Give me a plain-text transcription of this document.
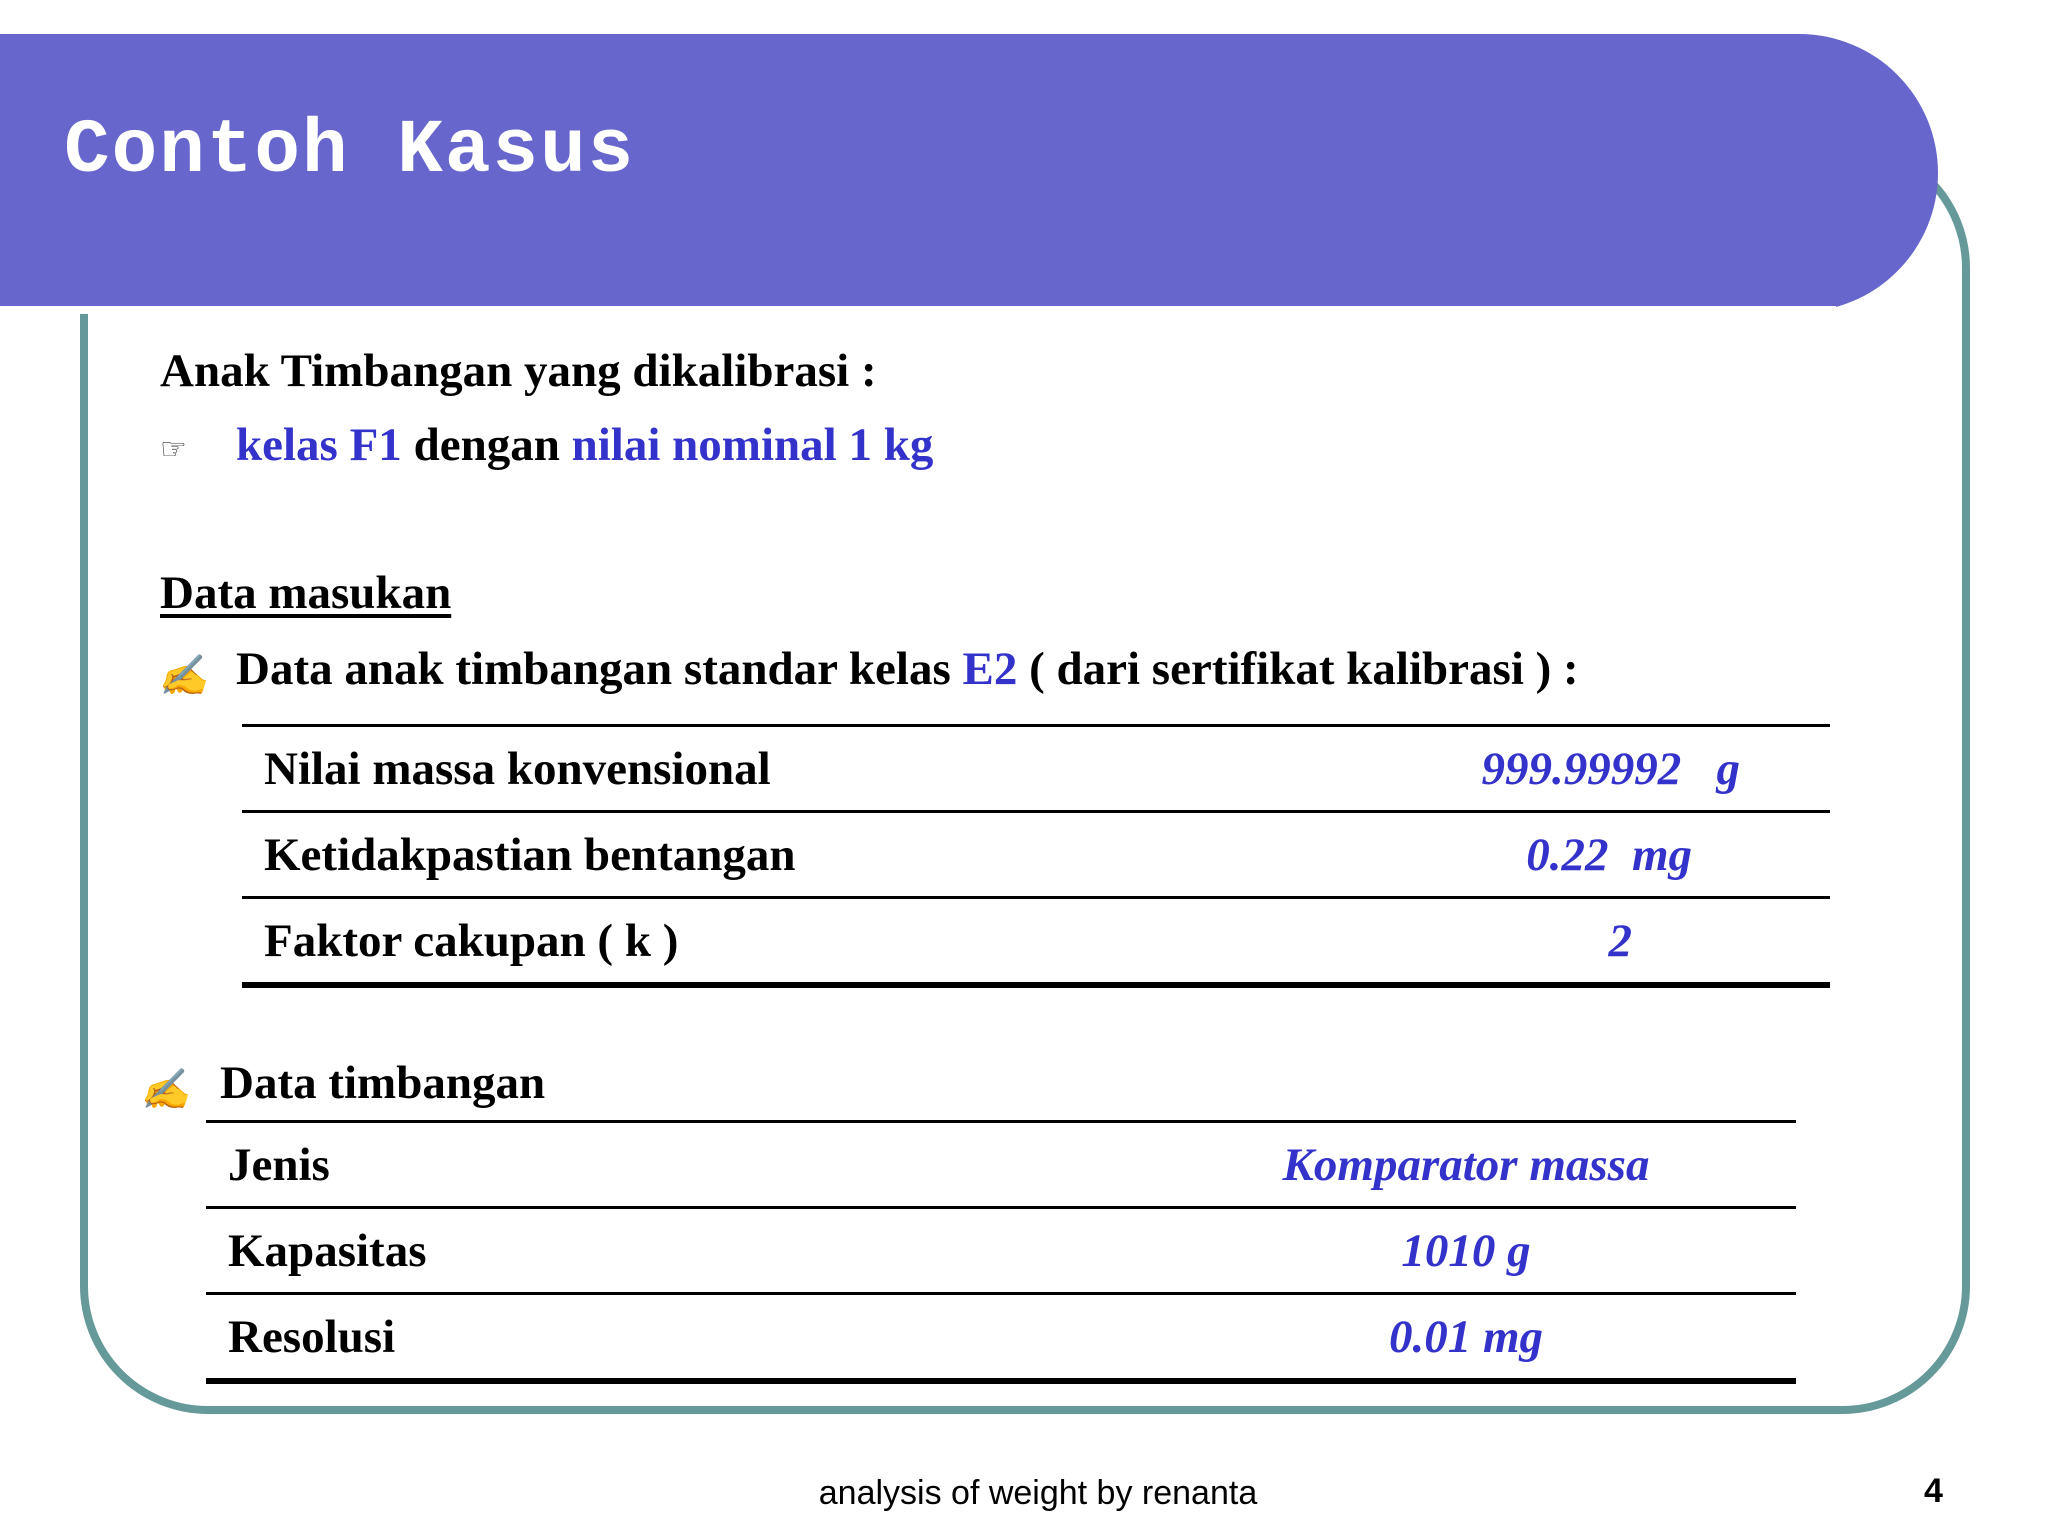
Contoh Kasus
Anak Timbangan yang dikalibrasi :
☞ kelas F1 dengan nilai nominal 1 kg
Data masukan
✍ Data anak timbangan standar kelas E2 ( dari sertifikat kalibrasi ) :
Nilai massa konvensional	999.99992   g	
Ketidakpastian bentangan	0.22  mg	
Faktor cakupan ( k )	2	
✍ Data timbangan
Jenis	Komparator massa	
Kapasitas	1010 g	
Resolusi	0.01 mg	
analysis of weight by renanta	4
